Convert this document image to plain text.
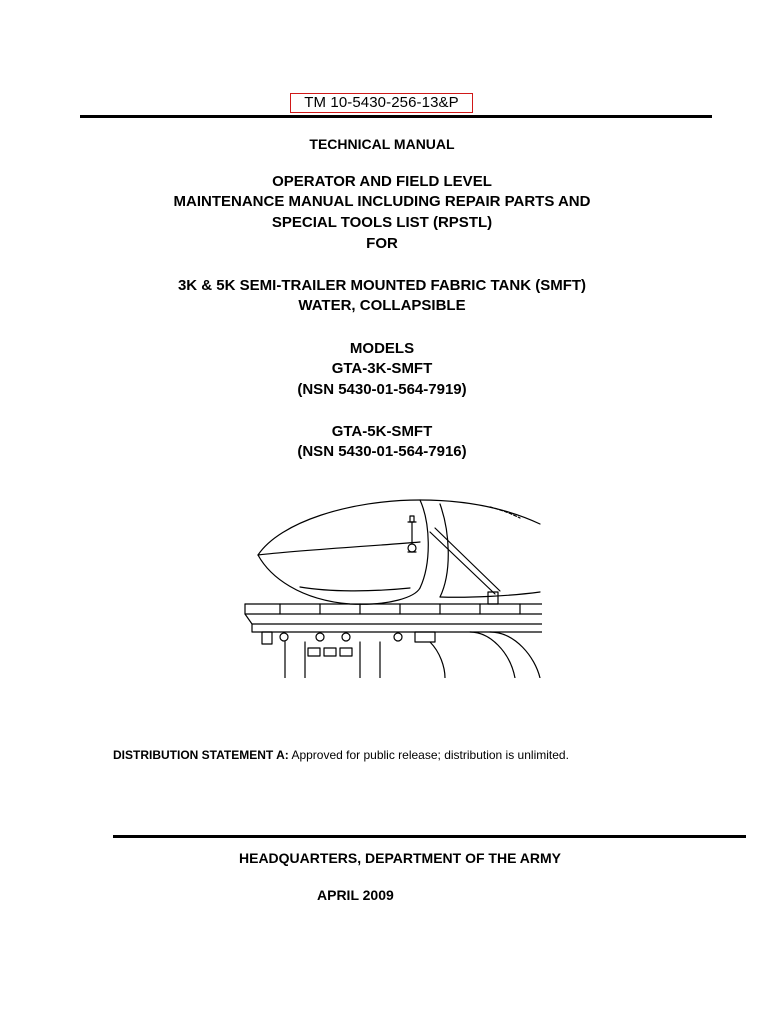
TM 10-5430-256-13&P
TECHNICAL MANUAL
OPERATOR AND FIELD LEVEL
MAINTENANCE MANUAL INCLUDING REPAIR PARTS AND
SPECIAL TOOLS LIST (RPSTL)
FOR
3K & 5K SEMI-TRAILER MOUNTED FABRIC TANK (SMFT)
WATER, COLLAPSIBLE
MODELS
GTA-3K-SMFT
(NSN 5430-01-564-7919)
GTA-5K-SMFT
(NSN 5430-01-564-7916)
DISTRIBUTION STATEMENT A: Approved for public release; distribution is unlimited.
HEADQUARTERS, DEPARTMENT OF THE ARMY
APRIL 2009
